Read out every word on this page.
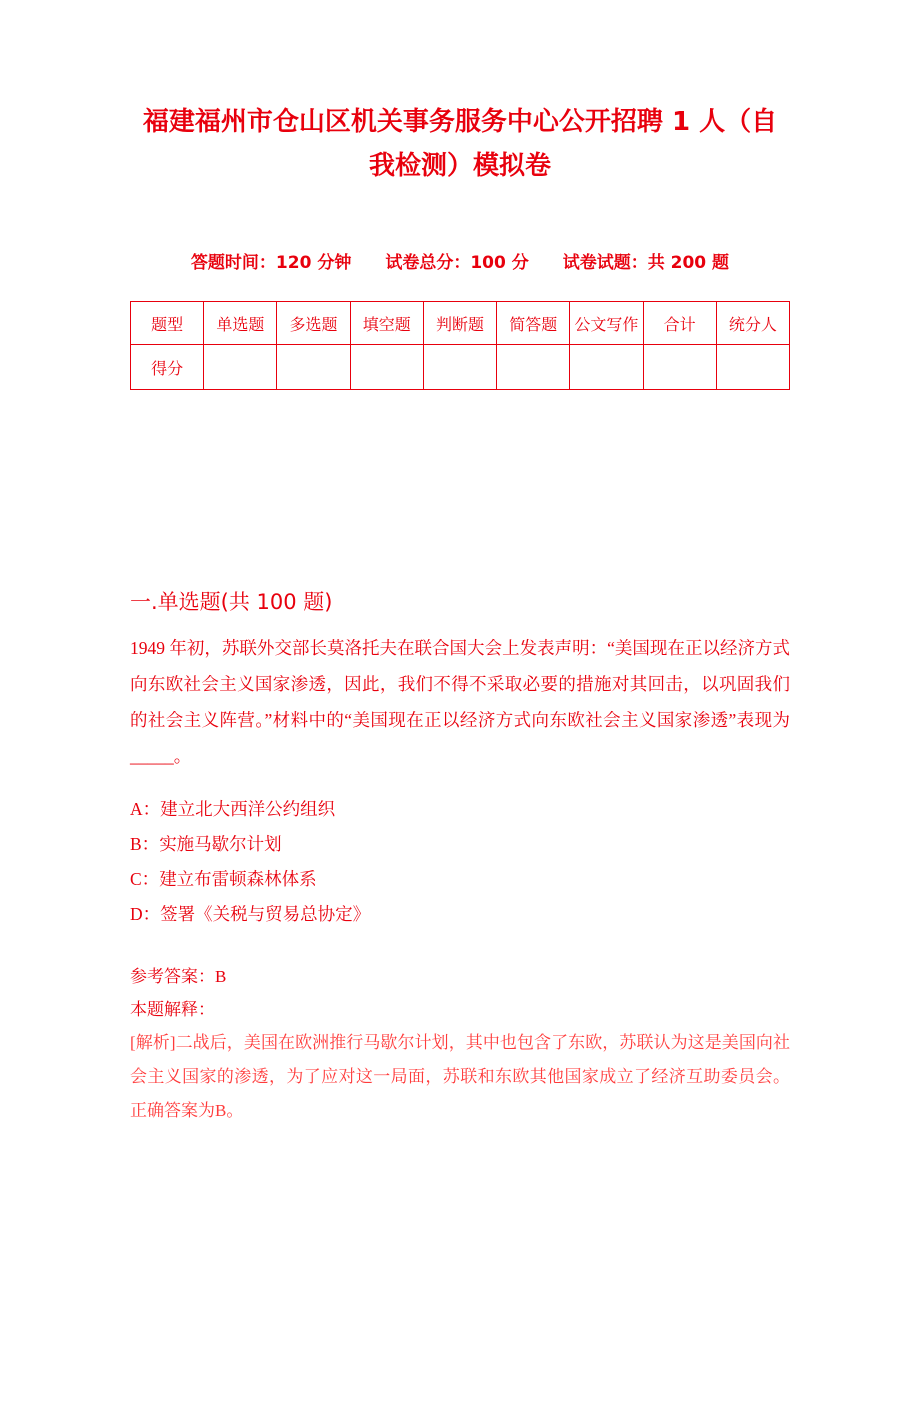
福建福州市仓山区机关事务服务中心公开招聘 1 人（自我检测）模拟卷
答题时间：120 分钟　　试卷总分：100 分　　试卷试题：共 200 题
题型	单选题	多选题	填空题	判断题	简答题	公文写作	合计	统分人
得分								
一.单选题(共 100 题)

1949 年初，苏联外交部长莫洛托夫在联合国大会上发表声明：“美国现在正以经济方式向东欧社会主义国家渗透，因此，我们不得不采取必要的措施对其回击，以巩固我们的社会主义阵营。”材料中的“美国现在正以经济方式向东欧社会主义国家渗透”表现为_____。

A：建立北大西洋公约组织

B：实施马歇尔计划

C：建立布雷顿森林体系

D：签署《关税与贸易总协定》

参考答案：B

本题解释：

[解析]二战后，美国在欧洲推行马歇尔计划，其中也包含了东欧，苏联认为这是美国向社会主义国家的渗透，为了应对这一局面，苏联和东欧其他国家成立了经济互助委员会。正确答案为B。
